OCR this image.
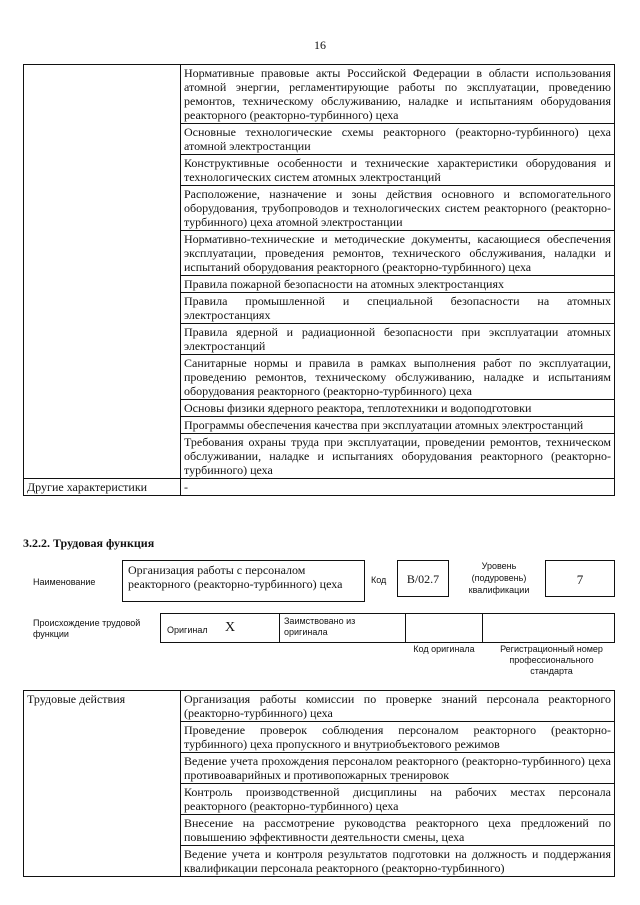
16
	Нормативные правовые акты Российской Федерации в области использования атомной энергии, регламентирующие работы по эксплуатации, проведению ремонтов, техническому обслуживанию, наладке и испытаниям оборудования реакторного (реакторно-турбинного) цеха
	Основные технологические схемы реакторного (реакторно-турбинного) цеха атомной электростанции
	Конструктивные особенности и технические характеристики оборудования и технологических систем атомных электростанций
	Расположение, назначение и зоны действия основного и вспомогательного оборудования, трубопроводов и технологических систем реакторного (реакторно-турбинного) цеха атомной электростанции
	Нормативно-технические и методические документы, касающиеся обеспечения эксплуатации, проведения ремонтов, технического обслуживания, наладки и испытаний оборудования реакторного (реакторно-турбинного) цеха
	Правила пожарной безопасности на атомных электростанциях
	Правила промышленной и специальной безопасности на атомных электростанциях
	Правила ядерной и радиационной безопасности при эксплуатации атомных электростанций
	Санитарные нормы и правила в рамках выполнения работ по эксплуатации, проведению ремонтов, техническому обслуживанию, наладке и испытаниям оборудования реакторного (реакторно-турбинного) цеха
	Основы физики ядерного реактора, теплотехники и водоподготовки
	Программы обеспечения качества при эксплуатации атомных электростанций
	Требования охраны труда при эксплуатации, проведении ремонтов, техническом обслуживании, наладке и испытаниях оборудования реакторного (реакторно-турбинного) цеха
Другие характеристики	-
3.2.2. Трудовая функция
Наименование
Организация работы с персоналом реакторного (реакторно-турбинного) цеха	Код	B/02.7
Уровень (подуровень) квалификации
7
Происхождение трудовой функции	Оригинал X	Заимствовано из оригинала
Код оригинала	Регистрационный номер профессионального стандарта
Трудовые действия	Организация работы комиссии по проверке знаний персонала реакторного (реакторно-турбинного) цеха
Проведение проверок соблюдения персоналом реакторного (реакторно-турбинного) цеха пропускного и внутриобъектового режимов
Ведение учета прохождения персоналом реакторного (реакторно-турбинного) цеха противоаварийных и противопожарных тренировок
Контроль производственной дисциплины на рабочих местах персонала реакторного (реакторно-турбинного) цеха
Внесение на рассмотрение руководства реакторного цеха предложений по повышению эффективности деятельности смены, цеха
Ведение учета и контроля результатов подготовки на должность и поддержания квалификации персонала реакторного (реакторно-турбинного)
